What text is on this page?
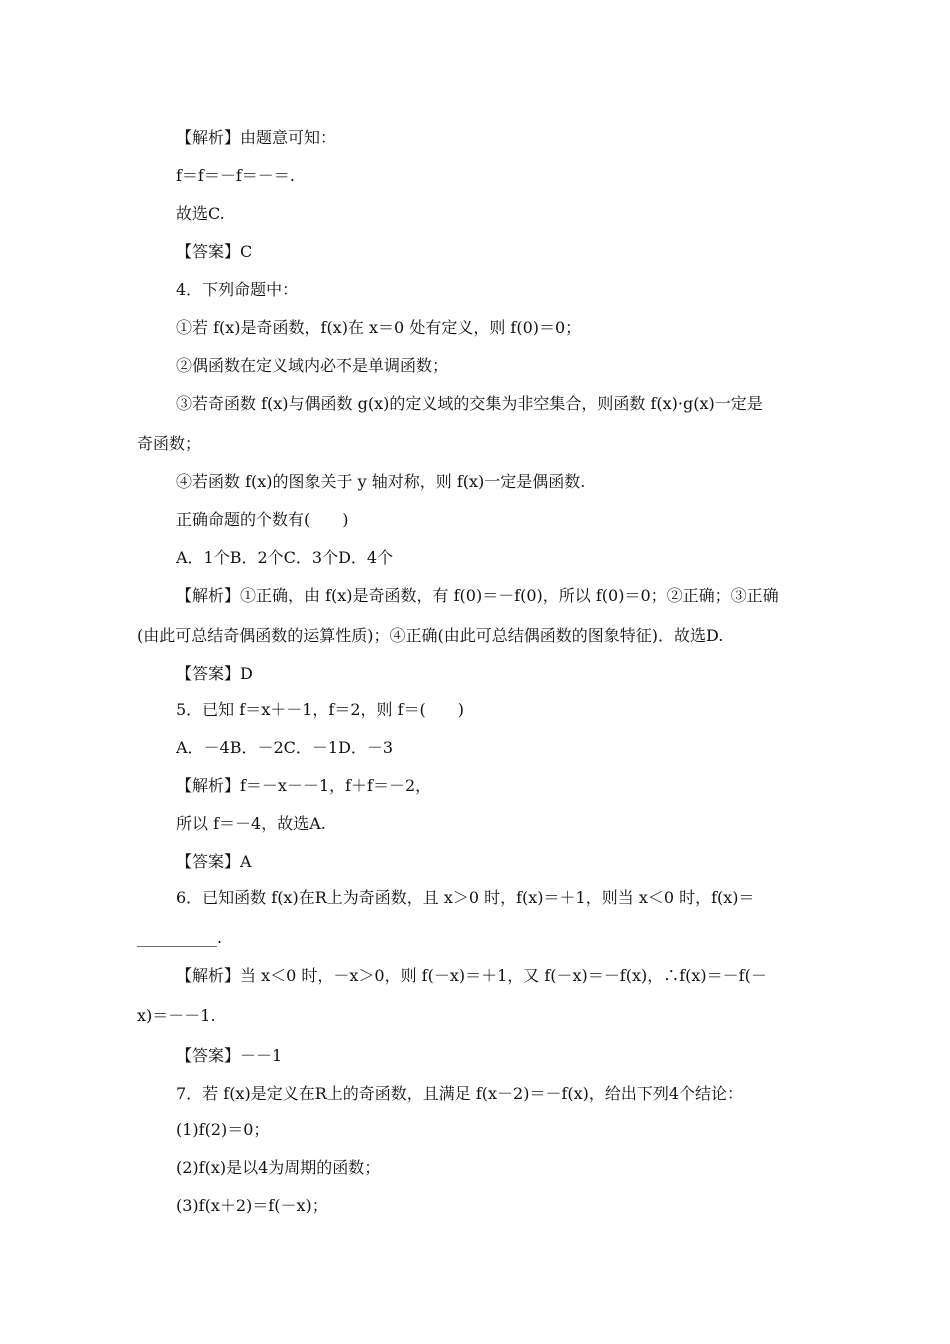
【解析】由题意可知：
f＝f＝－f＝－＝.
故选C.
【答案】C
4．下列命题中：
①若 f(x)是奇函数，f(x)在 x＝0 处有定义，则 f(0)＝0；
②偶函数在定义域内必不是单调函数；
③若奇函数 f(x)与偶函数 g(x)的定义域的交集为非空集合，则函数 f(x)·g(x)一定是
奇函数；
④若函数 f(x)的图象关于 y 轴对称，则 f(x)一定是偶函数.
正确命题的个数有(　　)
A．1个B．2个C．3个D．4个
【解析】①正确，由 f(x)是奇函数，有 f(0)＝－f(0)，所以 f(0)＝0；②正确；③正确
(由此可总结奇偶函数的运算性质)；④正确(由此可总结偶函数的图象特征)．故选D.
【答案】D
5．已知 f＝x＋－1，f＝2，则 f＝(　　)
A．－4B．－2C．－1D．－3
【解析】f＝－x－－1，f＋f＝－2，
所以 f＝－4，故选A.
【答案】A
6．已知函数 f(x)在R上为奇函数，且 x＞0 时，f(x)＝＋1，则当 x＜0 时，f(x)＝
__________.
【解析】当 x＜0 时，－x＞0，则 f(－x)＝＋1，又 f(－x)＝－f(x)，∴f(x)＝－f(－
x)＝－－1.
【答案】－－1
7．若 f(x)是定义在R上的奇函数，且满足 f(x－2)＝－f(x)，给出下列4个结论：
(1)f(2)＝0；
(2)f(x)是以4为周期的函数；
(3)f(x＋2)＝f(－x)；
